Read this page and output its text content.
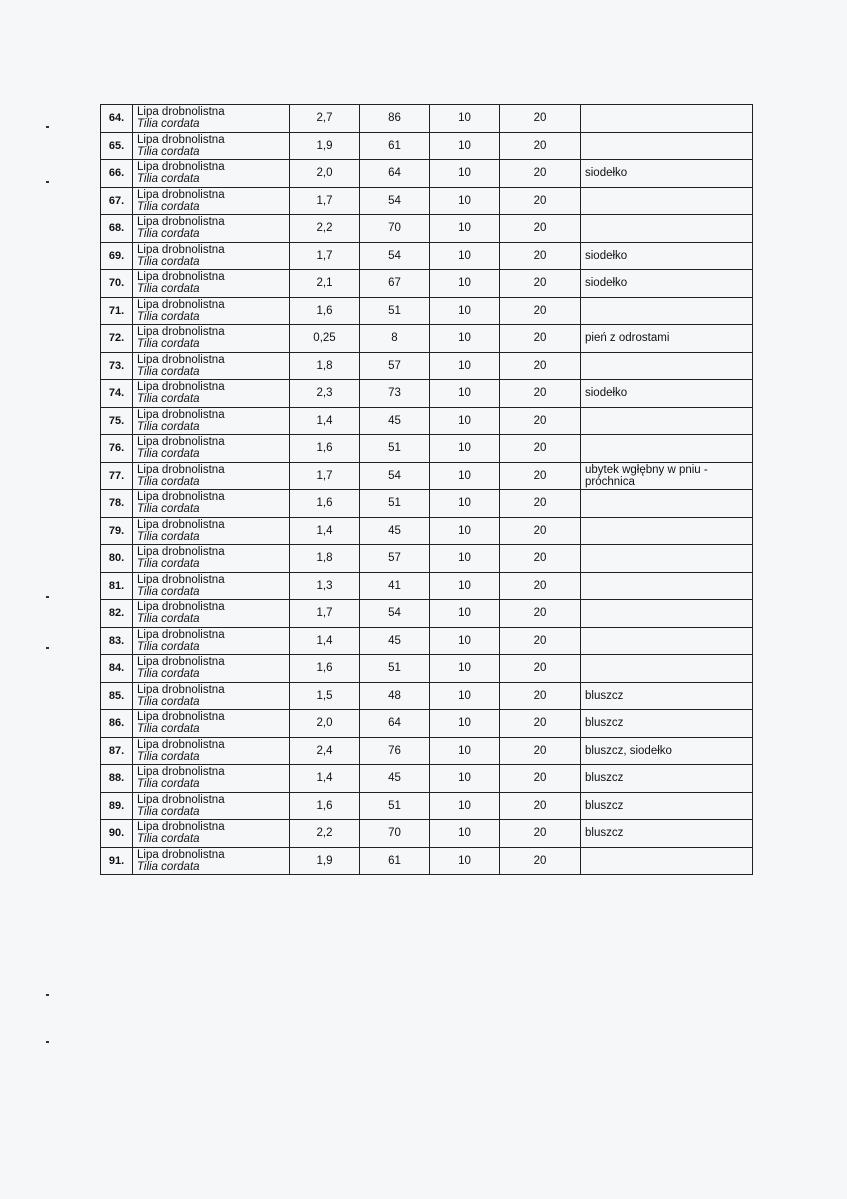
64.	Lipa drobnolistna
Tilia cordata	2,7	86	10	20	
65.	Lipa drobnolistna
Tilia cordata	1,9	61	10	20	
66.	Lipa drobnolistna
Tilia cordata	2,0	64	10	20	siodełko
67.	Lipa drobnolistna
Tilia cordata	1,7	54	10	20	
68.	Lipa drobnolistna
Tilia cordata	2,2	70	10	20	
69.	Lipa drobnolistna
Tilia cordata	1,7	54	10	20	siodełko
70.	Lipa drobnolistna
Tilia cordata	2,1	67	10	20	siodełko
71.	Lipa drobnolistna
Tilia cordata	1,6	51	10	20	
72.	Lipa drobnolistna
Tilia cordata	0,25	8	10	20	pień z odrostami
73.	Lipa drobnolistna
Tilia cordata	1,8	57	10	20	
74.	Lipa drobnolistna
Tilia cordata	2,3	73	10	20	siodełko
75.	Lipa drobnolistna
Tilia cordata	1,4	45	10	20	
76.	Lipa drobnolistna
Tilia cordata	1,6	51	10	20	
77.	Lipa drobnolistna
Tilia cordata	1,7	54	10	20	ubytek wgłębny w pniu - próchnica
78.	Lipa drobnolistna
Tilia cordata	1,6	51	10	20	
79.	Lipa drobnolistna
Tilia cordata	1,4	45	10	20	
80.	Lipa drobnolistna
Tilia cordata	1,8	57	10	20	
81.	Lipa drobnolistna
Tilia cordata	1,3	41	10	20	
82.	Lipa drobnolistna
Tilia cordata	1,7	54	10	20	
83.	Lipa drobnolistna
Tilia cordata	1,4	45	10	20	
84.	Lipa drobnolistna
Tilia cordata	1,6	51	10	20	
85.	Lipa drobnolistna
Tilia cordata	1,5	48	10	20	bluszcz
86.	Lipa drobnolistna
Tilia cordata	2,0	64	10	20	bluszcz
87.	Lipa drobnolistna
Tilia cordata	2,4	76	10	20	bluszcz, siodełko
88.	Lipa drobnolistna
Tilia cordata	1,4	45	10	20	bluszcz
89.	Lipa drobnolistna
Tilia cordata	1,6	51	10	20	bluszcz
90.	Lipa drobnolistna
Tilia cordata	2,2	70	10	20	bluszcz
91.	Lipa drobnolistna
Tilia cordata	1,9	61	10	20	
